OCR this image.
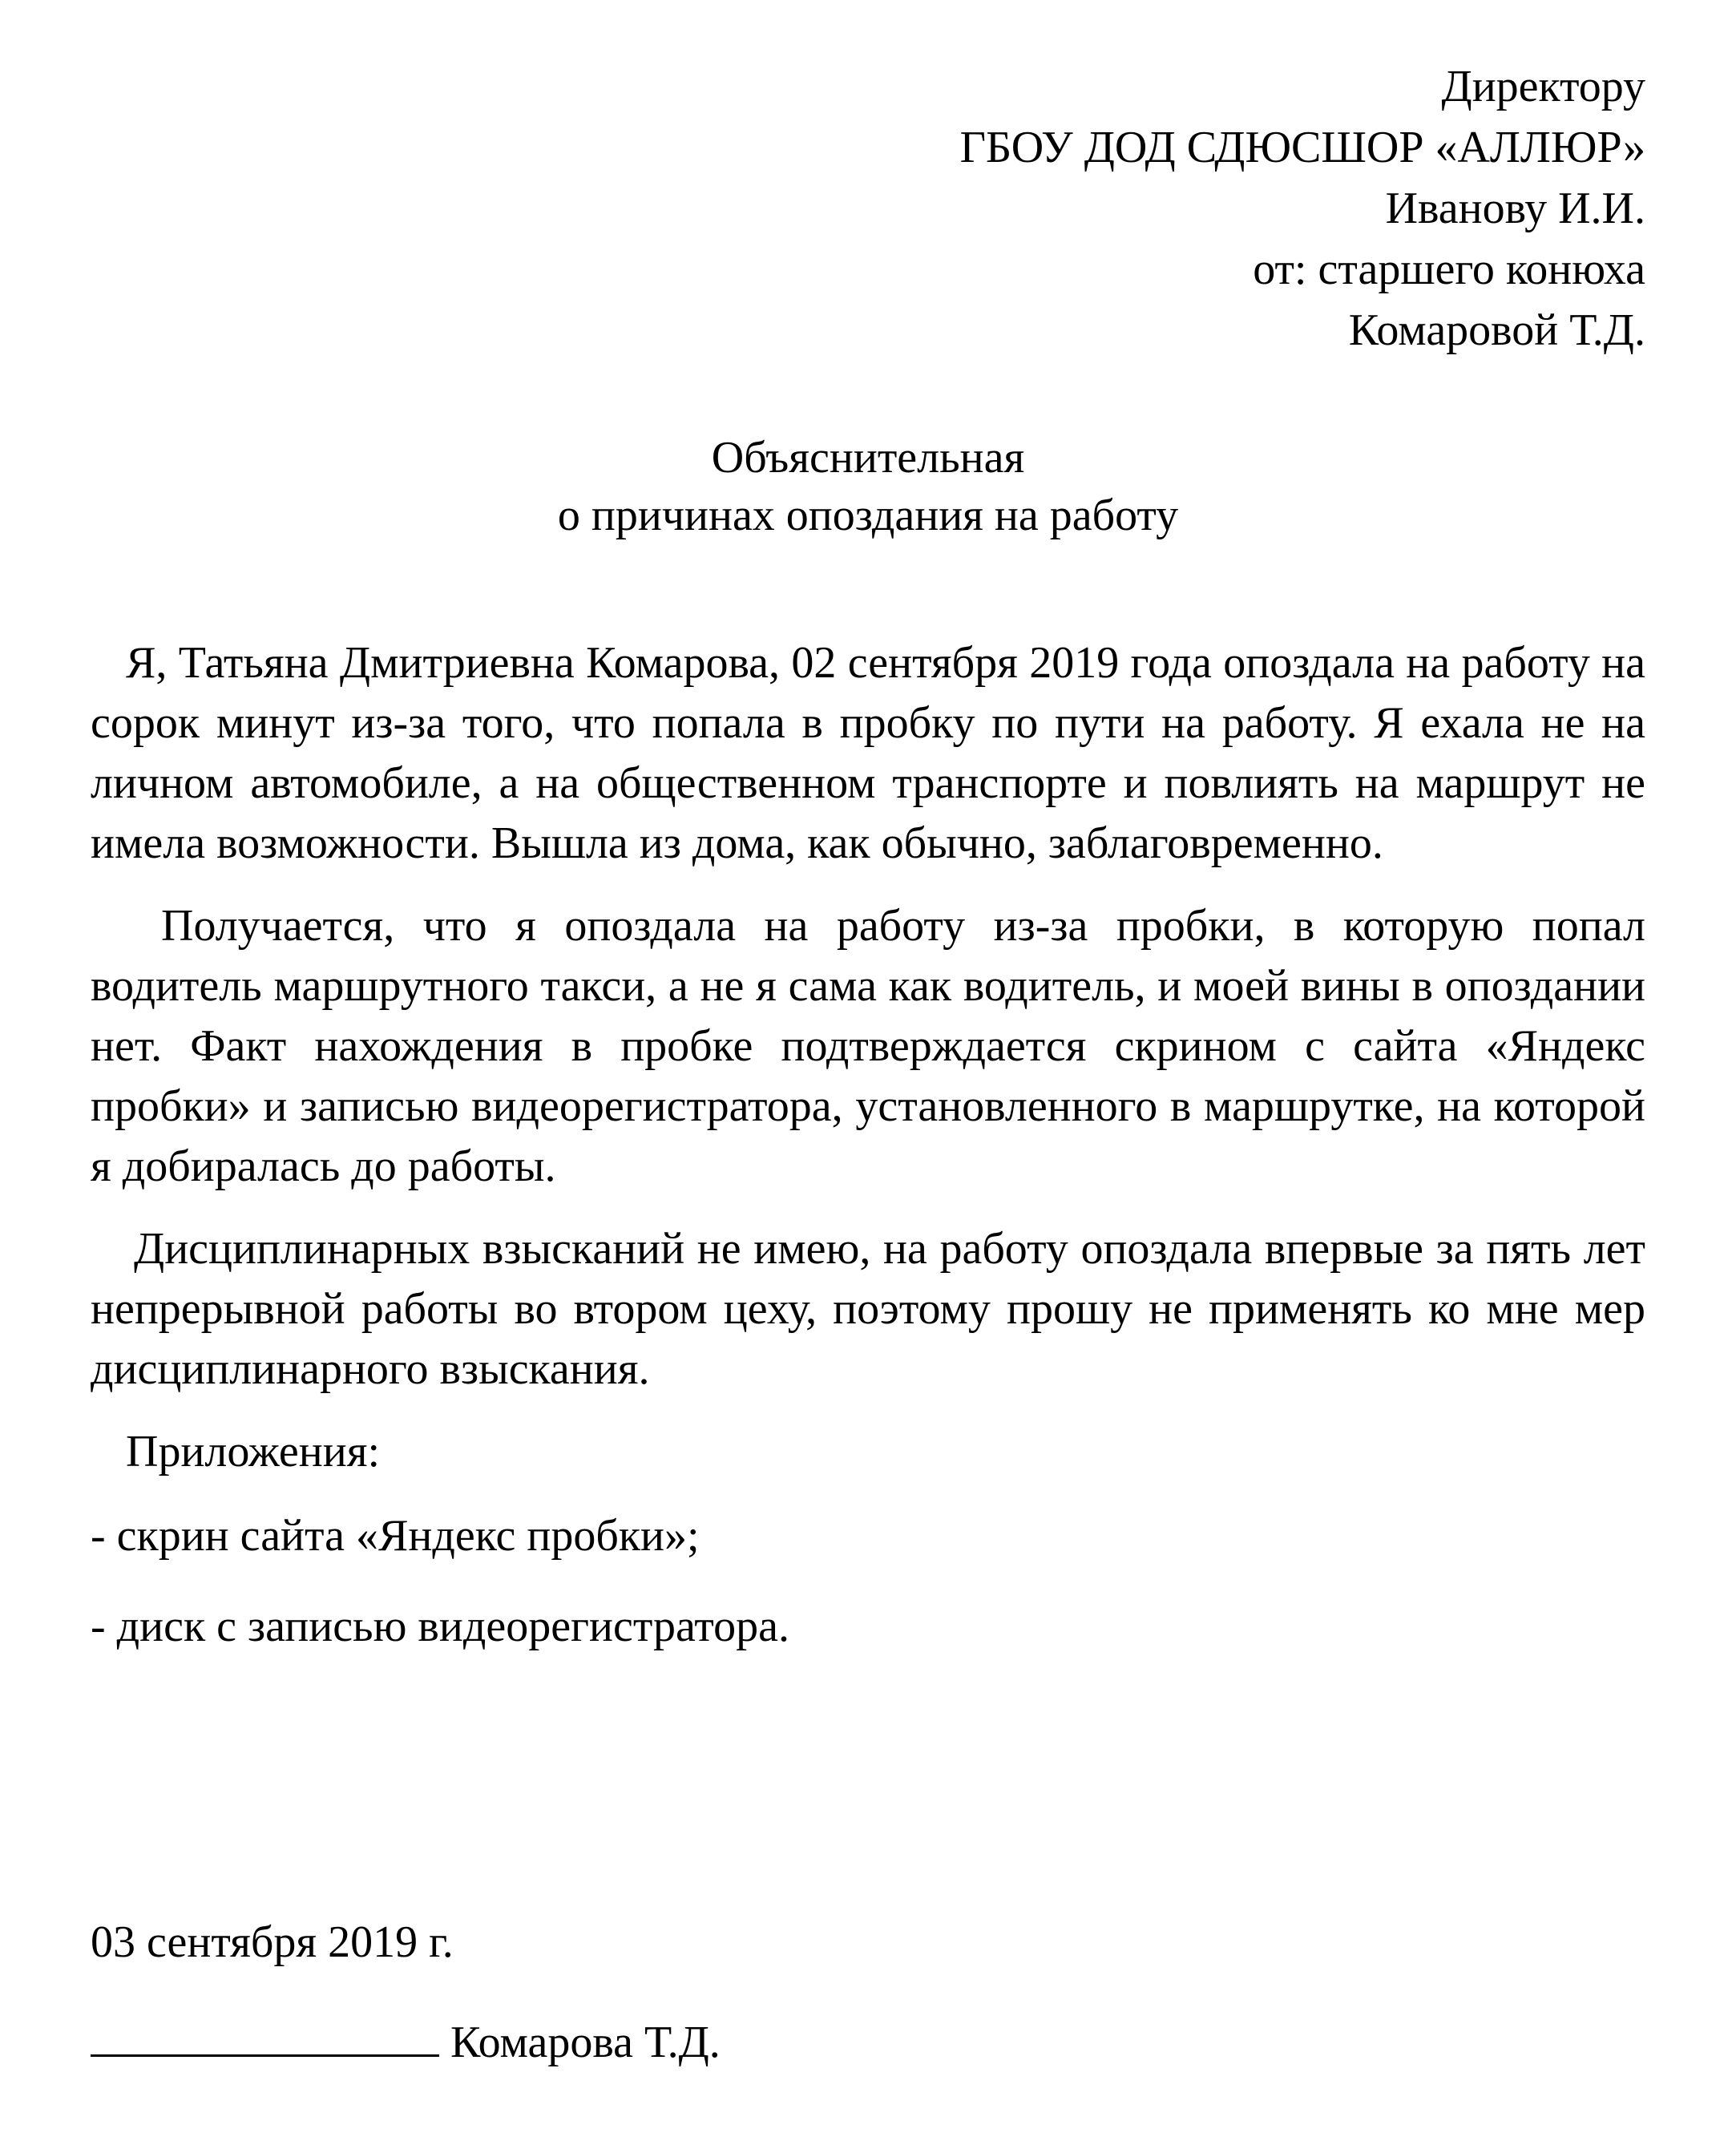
Директору
ГБОУ ДОД СДЮСШОР «АЛЛЮР»
Иванову И.И.
от: старшего конюха
Комаровой Т.Д.
Объяснительная
о причинах опоздания на работу

Я, Татьяна Дмитриевна Комарова, 02 сентября 2019 года опоздала на работу на сорок минут из-за того, что попала в пробку по пути на работу. Я ехала не на личном автомобиле, а на общественном транспорте и повлиять на маршрут не имела возможности. Вышла из дома, как обычно, заблаговременно.

Получается, что я опоздала на работу из-за пробки, в которую попал водитель маршрутного такси, а не я сама как водитель, и моей вины в опоздании нет. Факт нахождения в пробке подтверждается скрином с сайта «Яндекс пробки» и записью видеорегистратора, установленного в маршрутке, на которой я добиралась до работы.

Дисциплинарных взысканий не имею, на работу опоздала впервые за пять лет непрерывной работы во втором цеху, поэтому прошу не применять ко мне мер дисциплинарного взыскания.

Приложения:

- скрин сайта «Яндекс пробки»;

- диск с записью видеорегистратора.

03 сентября 2019 г.
Комарова Т.Д.
